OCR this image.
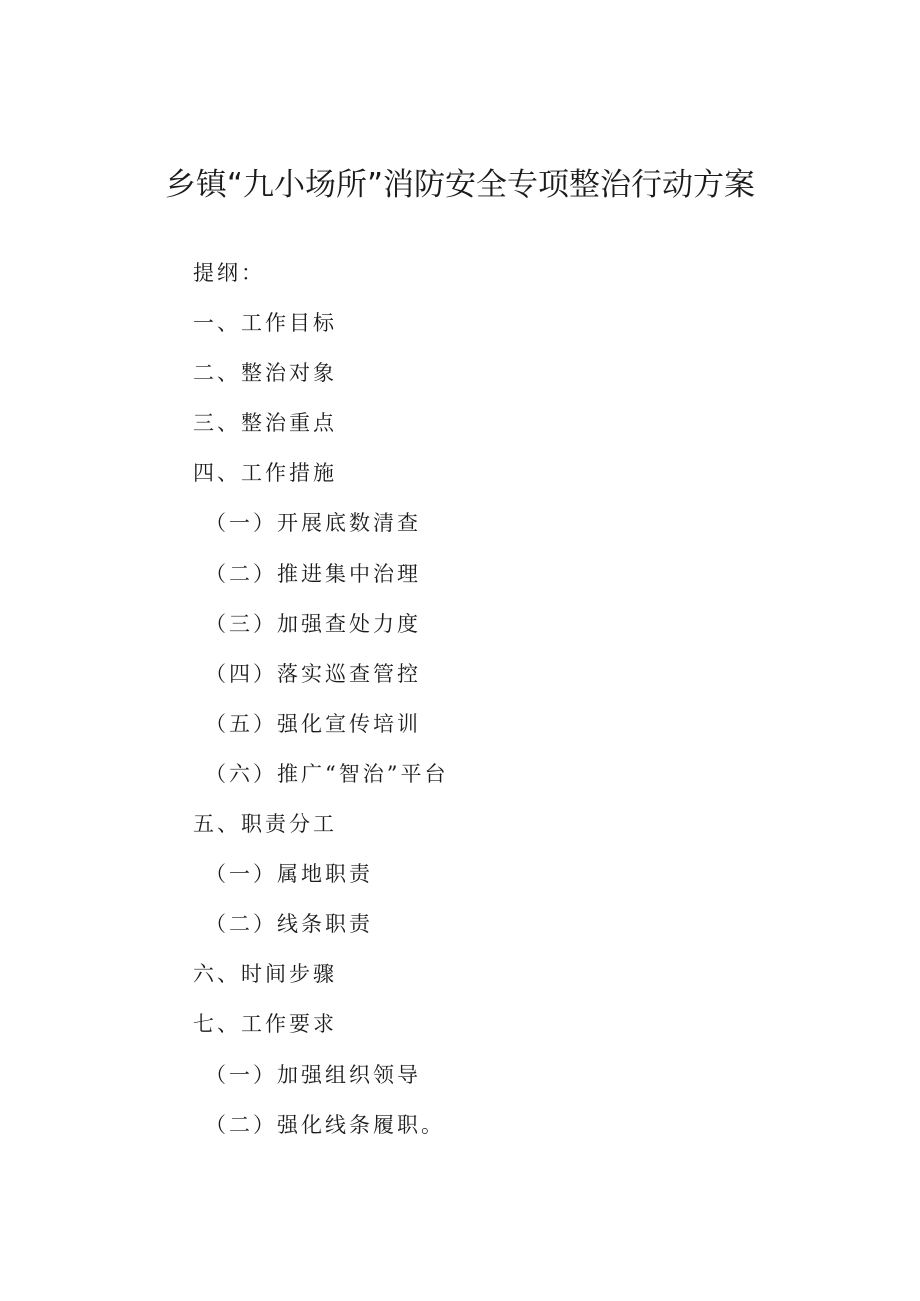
乡镇“九小场所”消防安全专项整治行动方案
提纲：
一、工作目标
二、整治对象
三、整治重点
四、工作措施
（一）开展底数清查
（二）推进集中治理
（三）加强查处力度
（四）落实巡查管控
（五）强化宣传培训
（六）推广“智治”平台
五、职责分工
（一）属地职责
（二）线条职责
六、时间步骤
七、工作要求
（一）加强组织领导
（二）强化线条履职。
